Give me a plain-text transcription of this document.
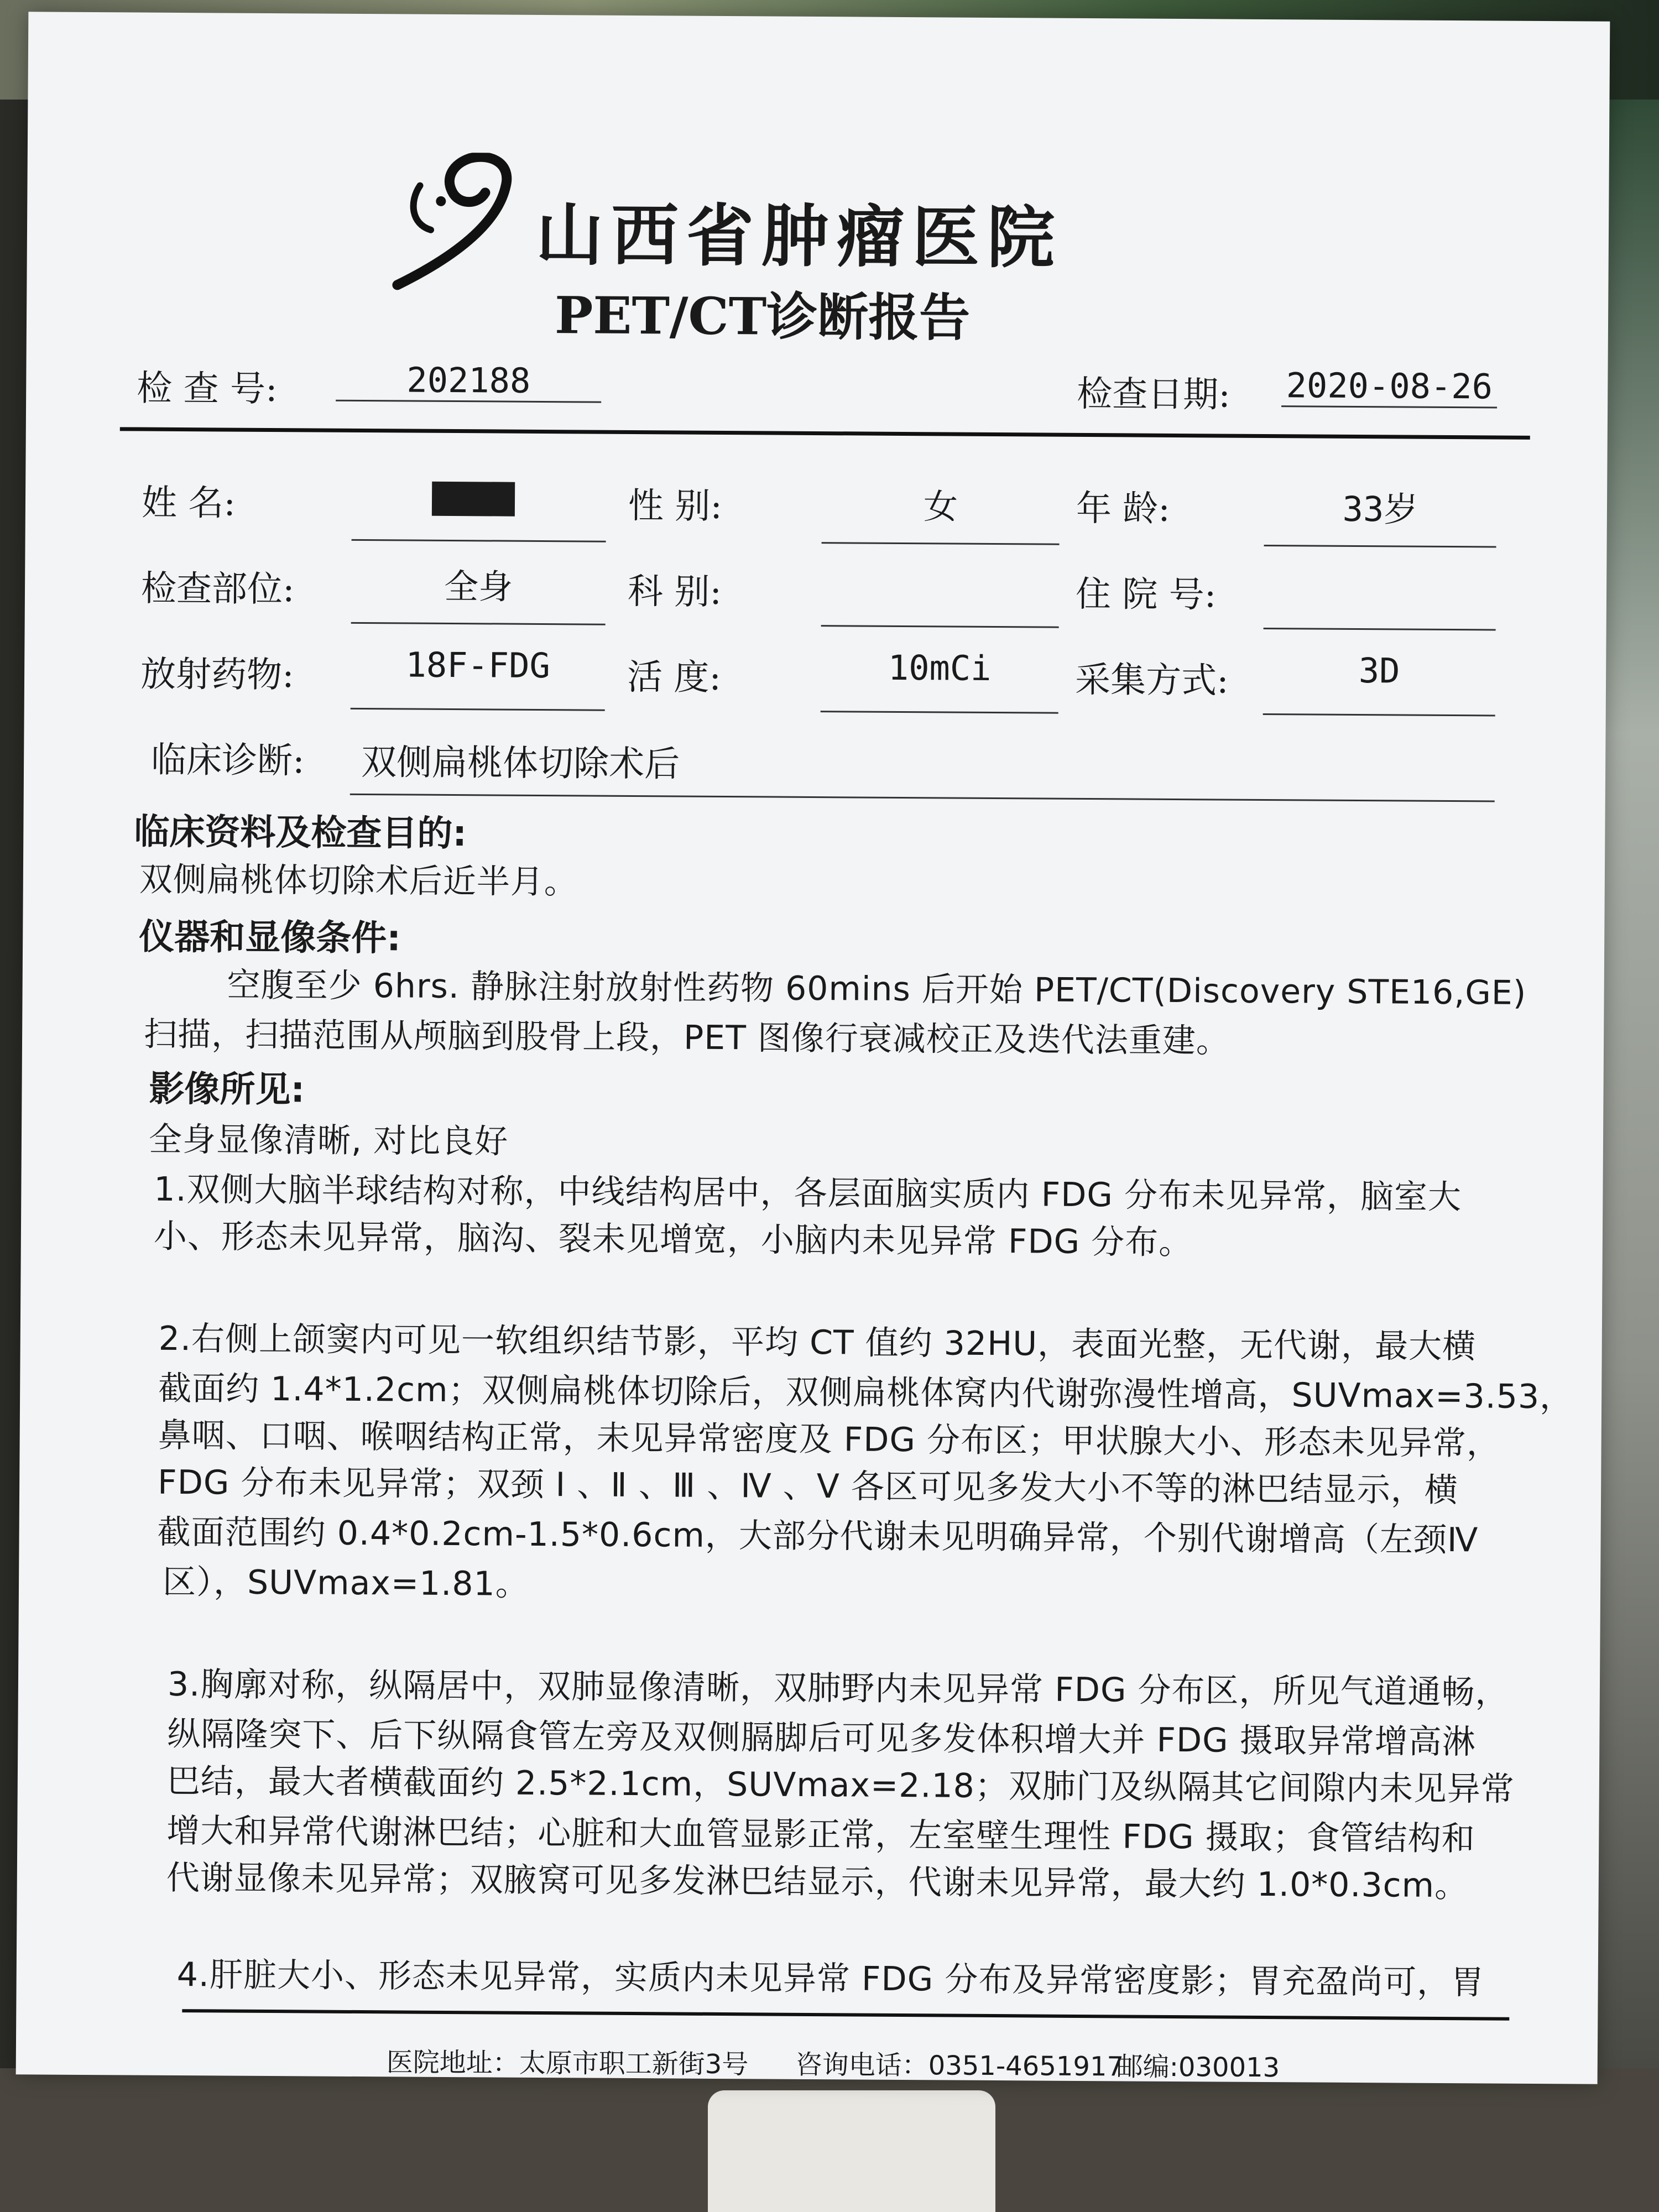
山西省肿瘤医院
PET/CT诊断报告
检 查 号:	202188	检查日期: 2020-08-26
姓 名:	性 别:	女	年 龄:	33岁
检查部位:	全身	科 别:	住 院 号:
放射药物:	18F-FDG	活 度:	10mCi	采集方式:	3D
临床诊断: 双侧扁桃体切除术后
临床资料及检查目的:
双侧扁桃体切除术后近半月。
仪器和显像条件:
空腹至少 6hrs. 静脉注射放射性药物 60mins 后开始 PET/CT(Discovery STE16,GE)
扫描，扫描范围从颅脑到股骨上段，PET 图像行衰减校正及迭代法重建。
影像所见:
全身显像清晰, 对比良好
1.双侧大脑半球结构对称，中线结构居中，各层面脑实质内 FDG 分布未见异常，脑室大
小、形态未见异常，脑沟、裂未见增宽，小脑内未见异常 FDG 分布。
2.右侧上颌窦内可见一软组织结节影，平均 CT 值约 32HU，表面光整，无代谢，最大横
截面约 1.4*1.2cm；双侧扁桃体切除后，双侧扁桃体窝内代谢弥漫性增高，SUVmax=3.53，
鼻咽、口咽、喉咽结构正常，未见异常密度及 FDG 分布区；甲状腺大小、形态未见异常，
FDG 分布未见异常；双颈 Ⅰ 、Ⅱ 、Ⅲ 、Ⅳ 、Ⅴ 各区可见多发大小不等的淋巴结显示，横
截面范围约 0.4*0.2cm-1.5*0.6cm，大部分代谢未见明确异常，个别代谢增高（左颈Ⅳ
区），SUVmax=1.81。
3.胸廓对称，纵隔居中，双肺显像清晰，双肺野内未见异常 FDG 分布区，所见气道通畅，
纵隔隆突下、后下纵隔食管左旁及双侧膈脚后可见多发体积增大并 FDG 摄取异常增高淋
巴结，最大者横截面约 2.5*2.1cm，SUVmax=2.18；双肺门及纵隔其它间隙内未见异常
增大和异常代谢淋巴结；心脏和大血管显影正常，左室壁生理性 FDG 摄取；食管结构和
代谢显像未见异常；双腋窝可见多发淋巴结显示，代谢未见异常，最大约 1.0*0.3cm。
4.肝脏大小、形态未见异常，实质内未见异常 FDG 分布及异常密度影；胃充盈尚可，胃
医院地址：太原市职工新街3号 咨询电话：0351-4651917
邮编:030013
